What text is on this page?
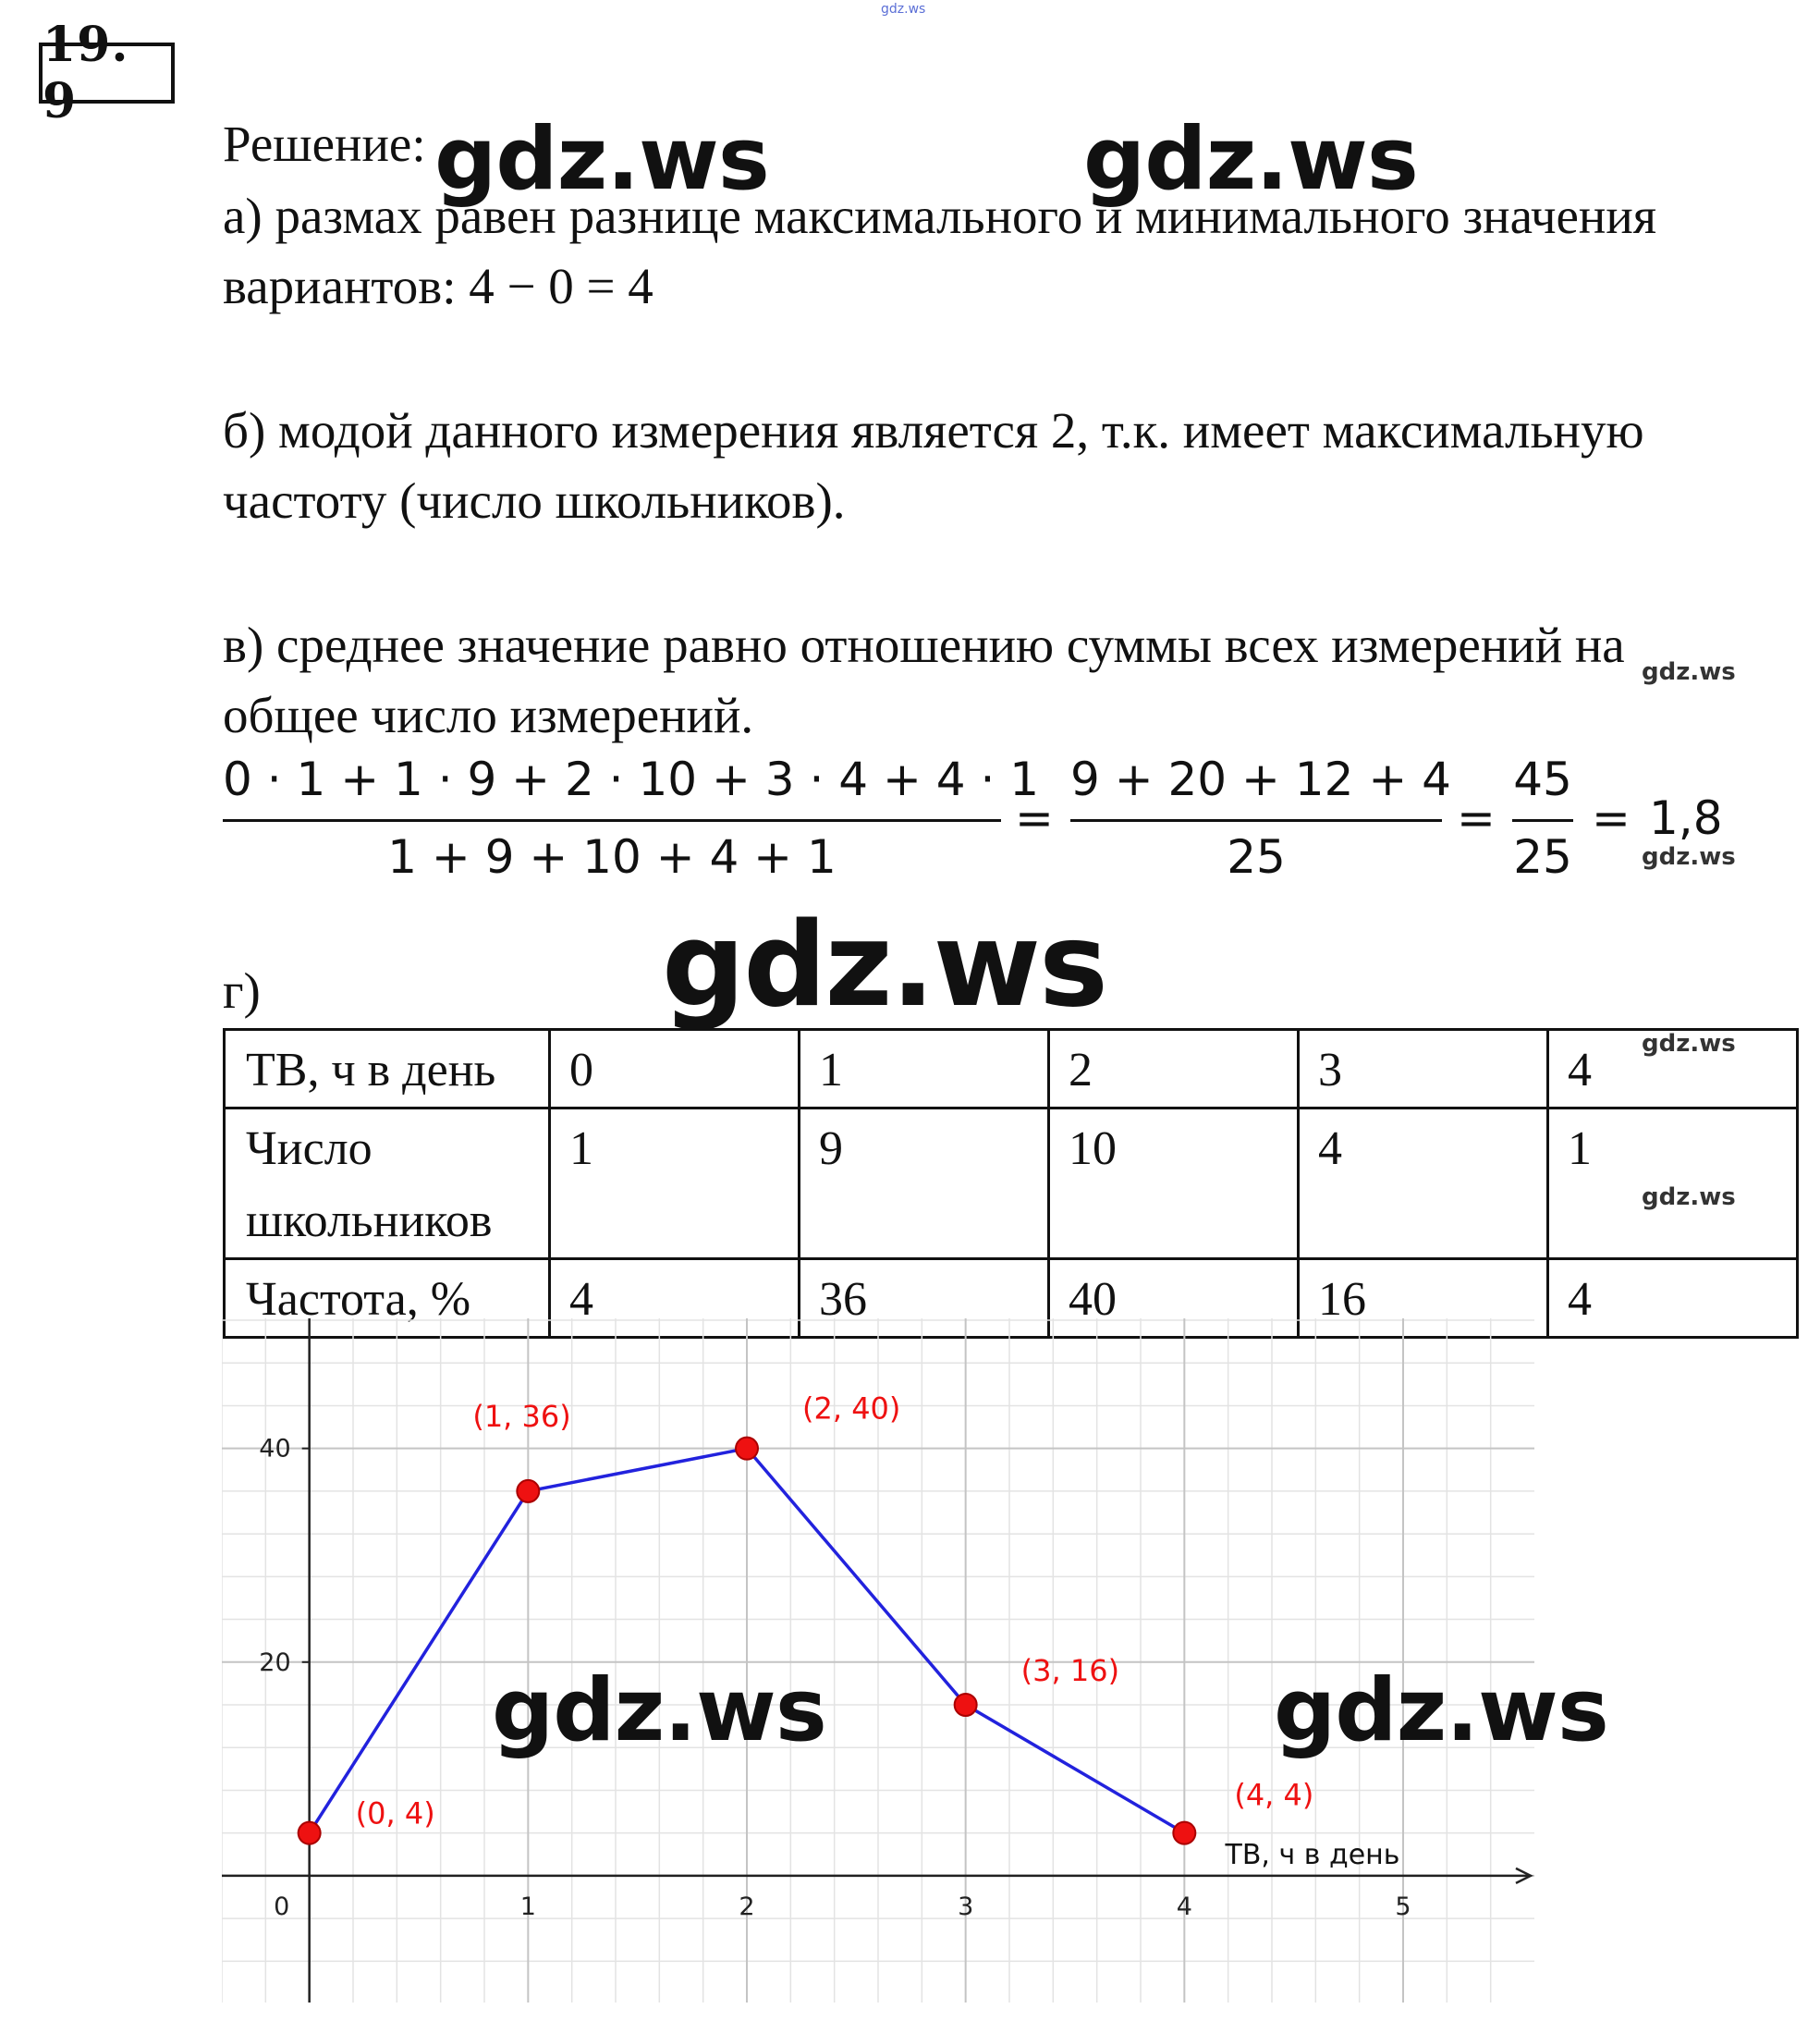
gdz.ws
19. 9
Решение: gdz.ws	gdz.ws
а) размах равен разнице максимального и минимального значения
вариантов: 4 − 0 = 4
б) модой данного измерения является 2, т.к. имеет максимальную
частоту (число школьников).
в) среднее значение равно отношению суммы всех измерений на gdz.ws
общее число измерений.
0 · 1 + 1 · 9 + 2 · 10 + 3 · 4 + 4 · 1
1 + 9 + 10 + 4 + 1
=
9 + 20 + 12 + 4
25
=
45
25
= 1,8
gdz.ws
г)	gdz.ws
ТВ, ч в день	0	1	2	3	4
Число
школьников	1	9	10	4	1
Частота, %	4	36	40	16	4
gdz.ws
gdz.ws
0	1	2	3	4	5
20
40
(0, 4)
(1, 36)	(2, 40)
(3, 16)
(4, 4)
ТВ, ч в день
gdz.ws	gdz.ws
